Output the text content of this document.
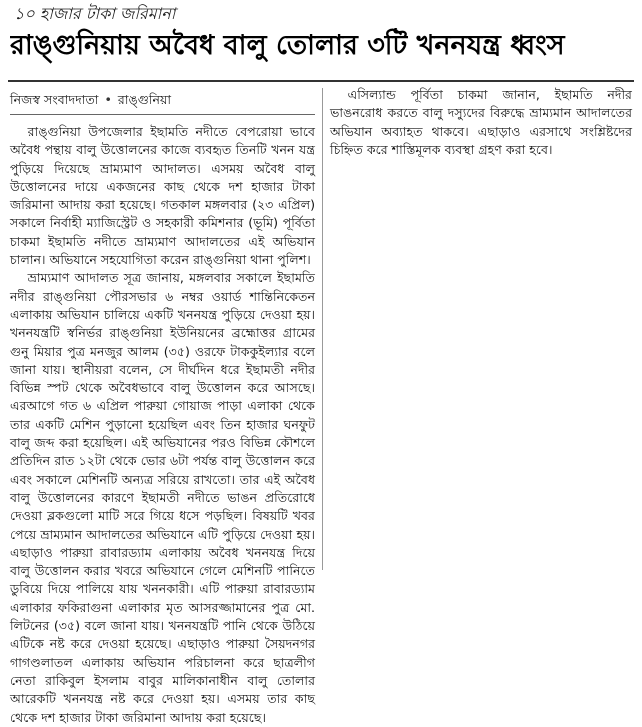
১০ হাজার টাকা জরিমানা
রাঙ্গুনিয়ায় অবৈধ বালু তোলার ৩টি খননযন্ত্র ধ্বংস
নিজস্ব সংবাদদাতা • রাঙ্গুনিয়া

রাঙ্গুনিয়া উপজেলার ইছামতি নদীতে বেপরোয়া ভাবে অবৈধ পন্থায় বালু উত্তোলনের কাজে ব্যবহৃত তিনটি খনন যন্ত্র পুড়িয়ে দিয়েছে ভ্রাম্যমাণ আদালত। এসময় অবৈধ বালু উত্তোলনের দায়ে একজনের কাছ থেকে দশ হাজার টাকা জরিমানা আদায় করা হয়েছে। গতকাল মঙ্গলবার (২৩ এপ্রিল) সকালে নির্বাহী ম্যাজিস্ট্রেট ও সহকারী কমিশনার (ভূমি) পূর্বিতা চাকমা ইছামতি নদীতে ভ্রাম্যমাণ আদালতের এই অভিযান চালান। অভিযানে সহযোগিতা করেন রাঙ্গুনিয়া থানা পুলিশ।

ভ্রাম্যমাণ আদালত সূত্র জানায়, মঙ্গলবার সকালে ইছামতি নদীর রাঙ্গুনিয়া পৌরসভার ৬ নম্বর ওয়ার্ড শান্তিনিকেতন এলাকায় অভিযান চালিয়ে একটি খননযন্ত্র পুড়িয়ে দেওয়া হয়। খননযন্ত্রটি স্বনির্ভর রাঙ্গুনিয়া ইউনিয়নের ব্রহ্মোত্তর গ্রামের গুনু মিয়ার পুত্র মনজুর আলম (৩৫) ওরফে টাককুইল্যার বলে জানা যায়। স্থানীয়রা বলেন, সে দীর্ঘদিন ধরে ইছামতী নদীর বিভিন্ন স্পট থেকে অবৈধভাবে বালু উত্তোলন করে আসছে। এরআগে গত ৬ এপ্রিল পারুয়া গোয়াজ পাড়া এলাকা থেকে তার একটি মেশিন পুড়ানো হয়েছিল এবং তিন হাজার ঘনফুট বালু জব্দ করা হয়েছিল। এই অভিযানের পরও বিভিন্ন কৌশলে প্রতিদিন রাত ১২টা থেকে ভোর ৬টা পর্যন্ত বালু উত্তোলন করে এবং সকালে মেশিনটি অন্যত্র সরিয়ে রাখতো। তার এই অবৈধ বালু উত্তোলনের কারণে ইছামতী নদীতে ভাঙন প্রতিরোধে দেওয়া ব্লকগুলো মাটি সরে গিয়ে ধসে পড়ছিল। বিষয়টি খবর পেয়ে ভ্রাম্যমান আদালতের অভিযানে এটি পুড়িয়ে দেওয়া হয়। এছাড়াও পারুয়া রাবারড্যাম এলাকায় অবৈধ খননযন্ত্র দিয়ে বালু উত্তোলন করার খবরে অভিযানে গেলে মেশিনটি পানিতে ডুবিয়ে দিয়ে পালিয়ে যায় খননকারী। এটি পারুয়া রাবারড্যাম এলাকার ফকিরাগুনা এলাকার মৃত আসরজ্জামানের পুত্র মো. লিটনের (৩৫) বলে জানা যায়। খননযন্ত্রটি পানি থেকে উঠিয়ে এটিকে নষ্ট করে দেওয়া হয়েছে। এছাড়াও পারুয়া সৈয়দনগর গাগণ্ডলাতল এলাকায় অভিযান পরিচালনা করে ছাত্রলীগ নেতা রাকিবুল ইসলাম বাবুর মালিকানাধীন বালু তোলার আরেকটি খননযন্ত্র নষ্ট করে দেওয়া হয়। এসময় তার কাছ থেকে দশ হাজার টাকা জরিমানা আদায় করা হয়েছে।

এসিল্যান্ড পূর্বিতা চাকমা জানান, ইছামতি নদীর ভাঙনরোধ করতে বালু দস্যুদের বিরুদ্ধে ভ্রাম্যমান আদালতের অভিযান অব্যাহত থাকবে। এছাড়াও এরসাথে সংশ্লিষ্টদের চিহ্নিত করে শাস্তিমূলক ব্যবস্থা গ্রহণ করা হবে।
